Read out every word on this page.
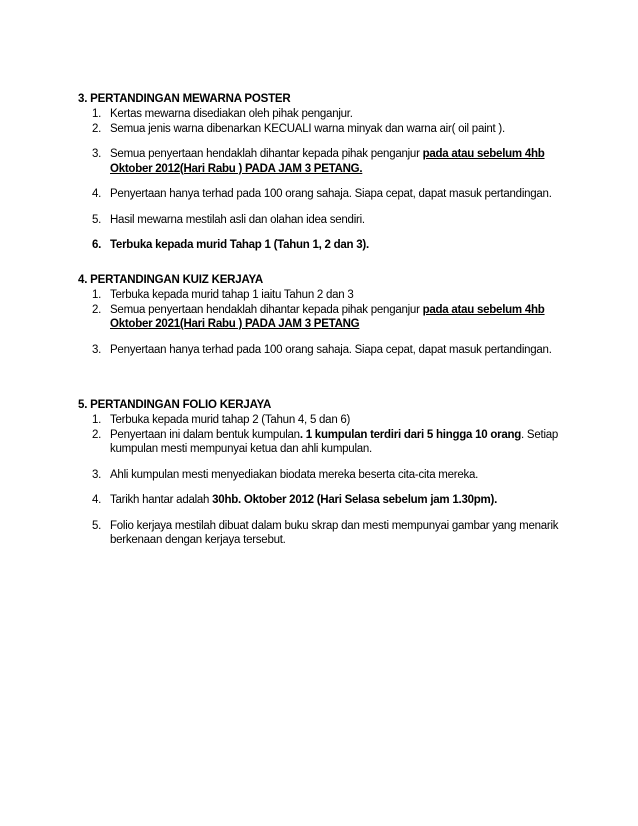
3. PERTANDINGAN MEWARNA POSTER

1. Kertas mewarna disediakan oleh pihak penganjur.
2. Semua jenis warna dibenarkan KECUALI warna minyak dan warna air( oil paint ).
3. Semua penyertaan hendaklah dihantar kepada pihak penganjur pada atau sebelum 4hb Oktober 2012(Hari Rabu ) PADA JAM 3 PETANG.
4. Penyertaan hanya terhad pada 100 orang sahaja. Siapa cepat, dapat masuk pertandingan.
5. Hasil mewarna mestilah asli dan olahan idea sendiri.
6. Terbuka kepada murid Tahap 1 (Tahun 1, 2 dan 3).

4. PERTANDINGAN KUIZ KERJAYA

1. Terbuka kepada murid tahap 1 iaitu Tahun 2 dan 3
2. Semua penyertaan hendaklah dihantar kepada pihak penganjur pada atau sebelum 4hb Oktober 2021(Hari Rabu ) PADA JAM 3 PETANG
3. Penyertaan hanya terhad pada 100 orang sahaja. Siapa cepat, dapat masuk pertandingan.

5. PERTANDINGAN FOLIO KERJAYA

1. Terbuka kepada murid tahap 2 (Tahun 4, 5 dan 6)
2. Penyertaan ini dalam bentuk kumpulan. 1 kumpulan terdiri dari 5 hingga 10 orang. Setiap kumpulan mesti mempunyai ketua dan ahli kumpulan.
3. Ahli kumpulan mesti menyediakan biodata mereka beserta cita-cita mereka.
4. Tarikh hantar adalah 30hb. Oktober 2012 (Hari Selasa sebelum jam 1.30pm).
5. Folio kerjaya mestilah dibuat dalam buku skrap dan mesti mempunyai gambar yang menarik berkenaan dengan kerjaya tersebut.
